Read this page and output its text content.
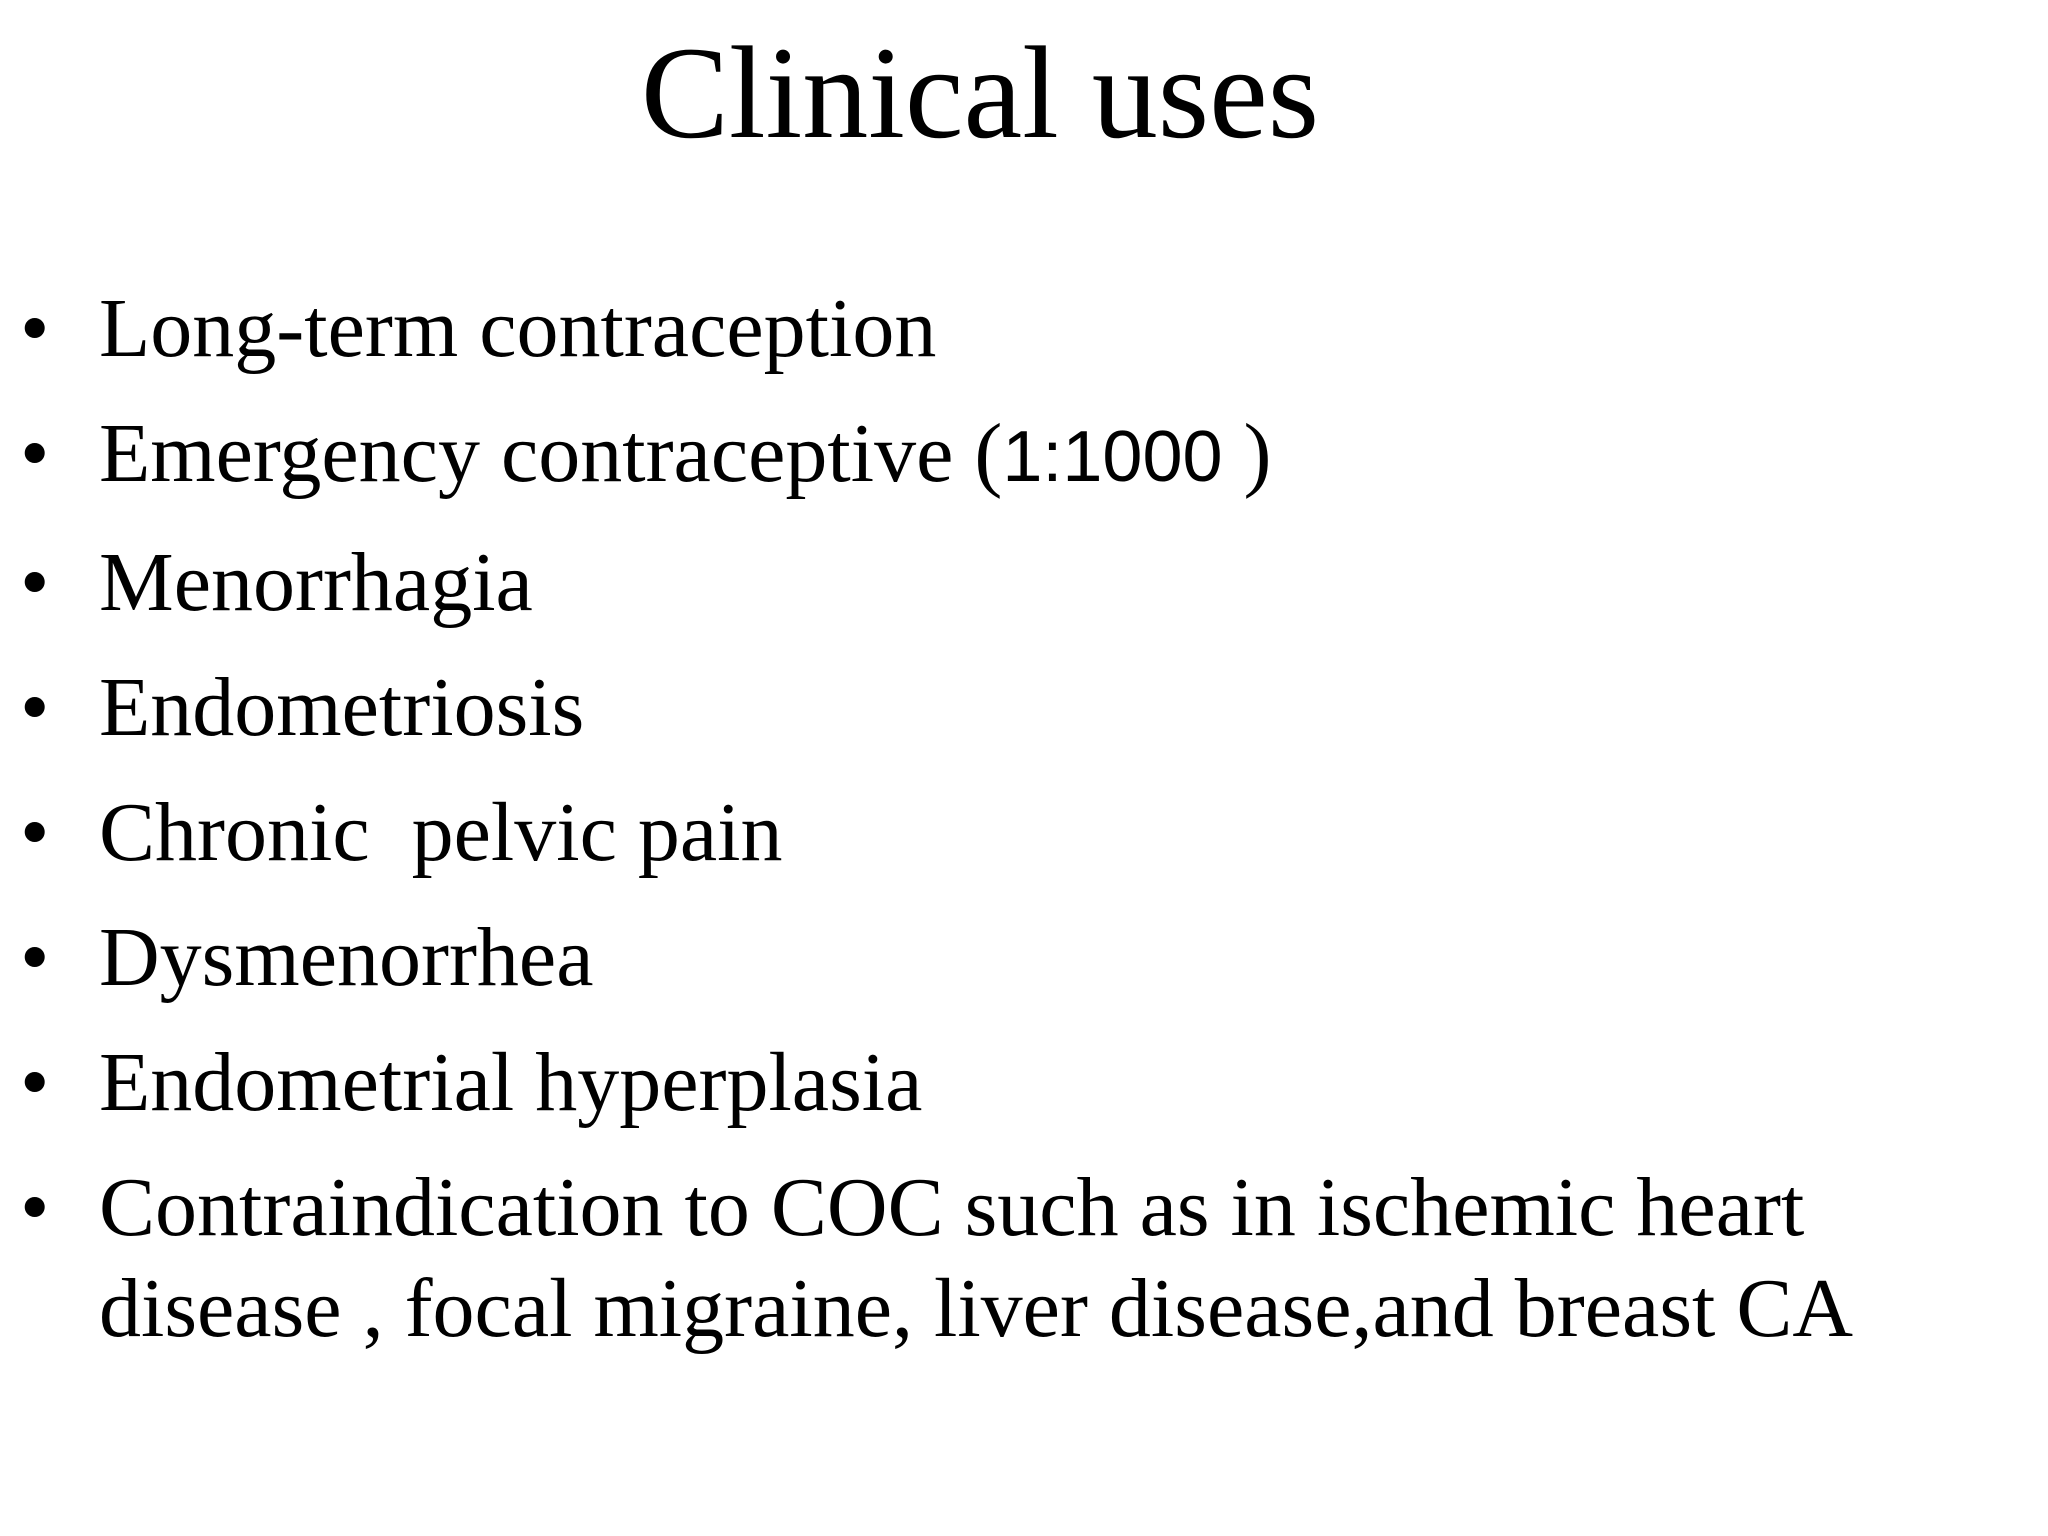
Clinical uses
• Long-term contraception
• Emergency contraceptive (1:1000 )
• Menorrhagia
• Endometriosis
• Chronic  pelvic pain
• Dysmenorrhea
• Endometrial hyperplasia
• Contraindication to COC such as in ischemic heart disease , focal migraine, liver disease,and breast CA
